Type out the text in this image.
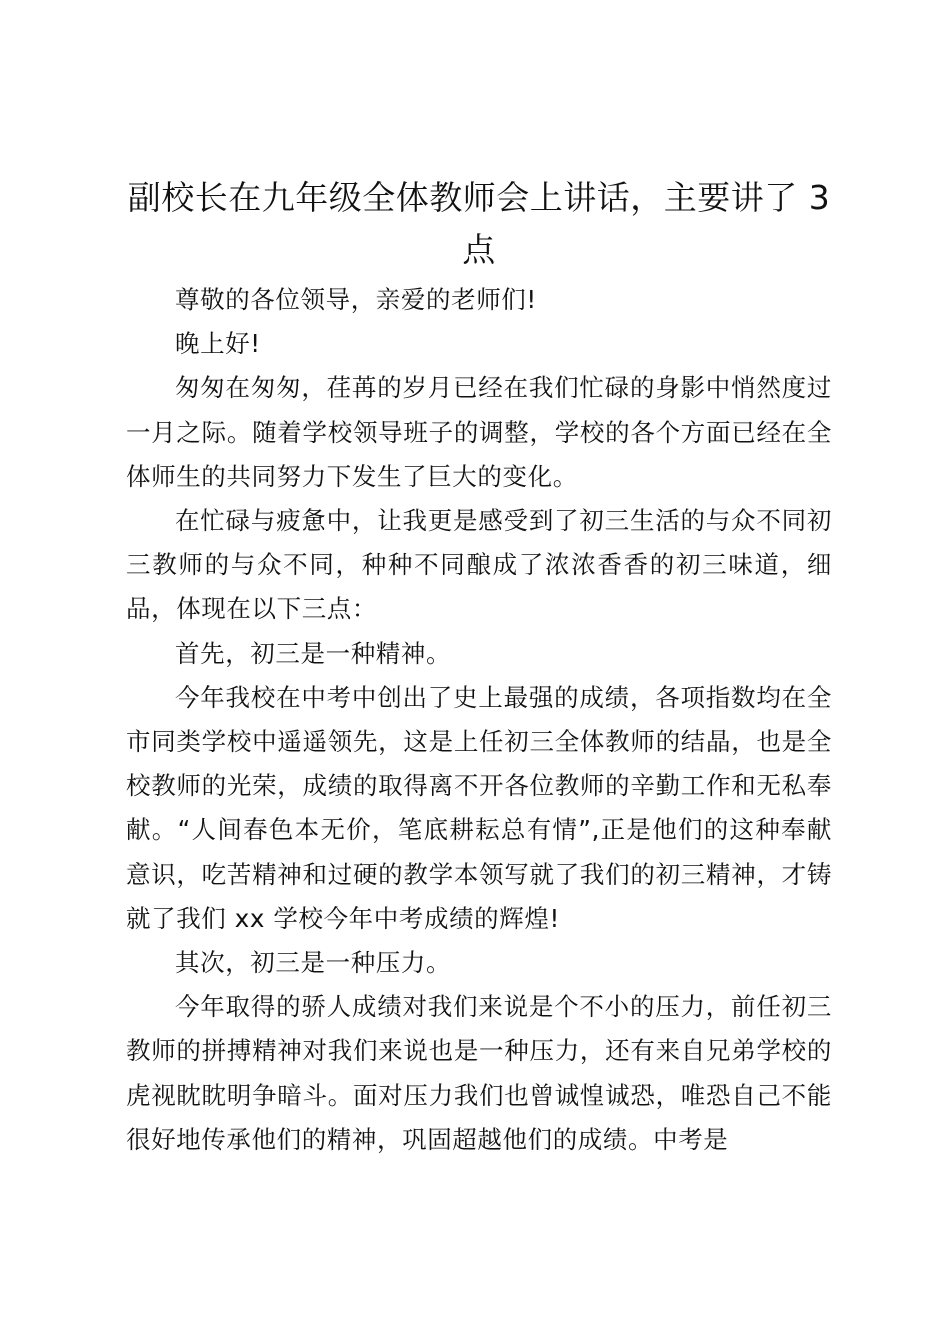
副校长在九年级全体教师会上讲话，主要讲了 3 点

尊敬的各位领导，亲爱的老师们!

晚上好!

匆匆在匆匆，荏苒的岁月已经在我们忙碌的身影中悄然度过一月之际。随着学校领导班子的调整，学校的各个方面已经在全体师生的共同努力下发生了巨大的变化。

在忙碌与疲惫中，让我更是感受到了初三生活的与众不同初三教师的与众不同，种种不同酿成了浓浓香香的初三味道，细品，体现在以下三点：

首先，初三是一种精神。

今年我校在中考中创出了史上最强的成绩，各项指数均在全市同类学校中遥遥领先，这是上任初三全体教师的结晶，也是全校教师的光荣，成绩的取得离不开各位教师的辛勤工作和无私奉献。“人间春色本无价，笔底耕耘总有情”,正是他们的这种奉献意识，吃苦精神和过硬的教学本领写就了我们的初三精神，才铸就了我们 xx 学校今年中考成绩的辉煌!

其次，初三是一种压力。

今年取得的骄人成绩对我们来说是个不小的压力，前任初三教师的拼搏精神对我们来说也是一种压力，还有来自兄弟学校的虎视眈眈明争暗斗。面对压力我们也曾诚惶诚恐，唯恐自己不能很好地传承他们的精神，巩固超越他们的成绩。中考是
